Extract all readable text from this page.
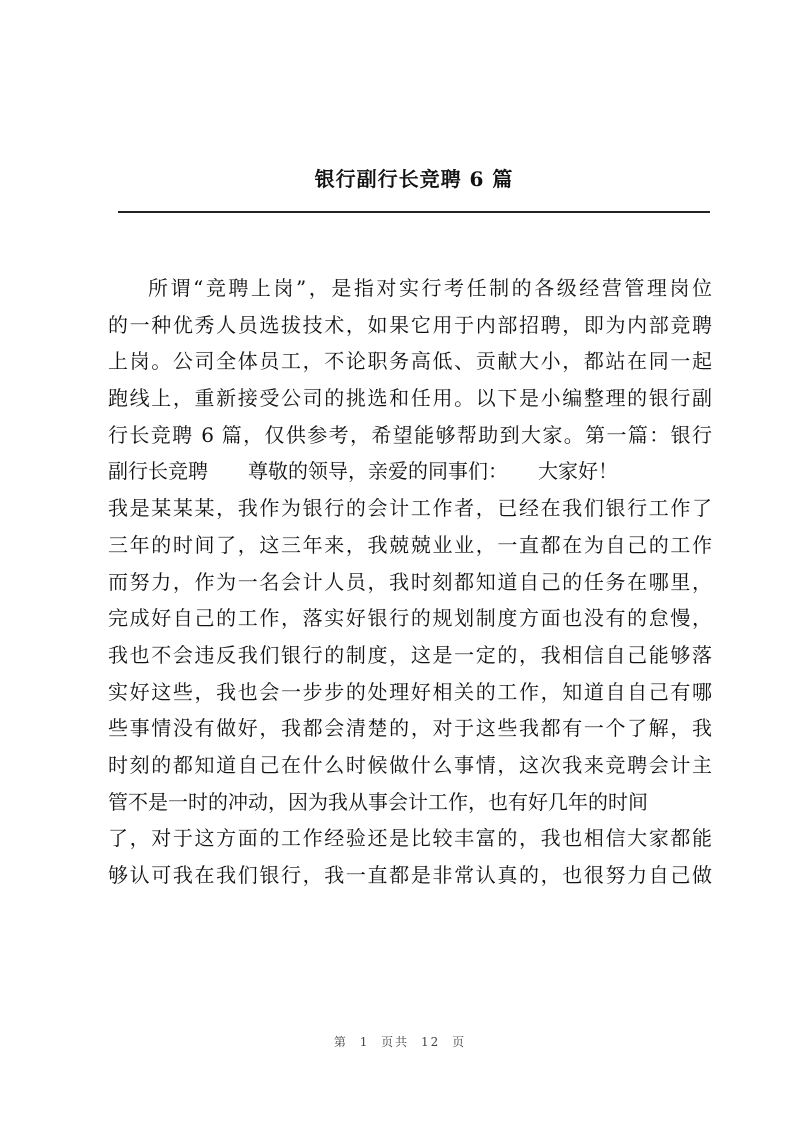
银行副行长竞聘 6 篇
所谓“竞聘上岗”，是指对实行考任制的各级经营管理岗位
的一种优秀人员选拔技术，如果它用于内部招聘，即为内部竞聘
上岗。公司全体员工，不论职务高低、贡献大小，都站在同一起
跑线上，重新接受公司的挑选和任用。以下是小编整理的银行副
行长竞聘 6 篇，仅供参考，希望能够帮助到大家。第一篇：银行
副行长竞聘　　尊敬的领导，亲爱的同事们：　　大家好！
我是某某某，我作为银行的会计工作者，已经在我们银行工作了
三年的时间了，这三年来，我兢兢业业，一直都在为自己的工作
而努力，作为一名会计人员，我时刻都知道自己的任务在哪里，
完成好自己的工作，落实好银行的规划制度方面也没有的怠慢，
我也不会违反我们银行的制度，这是一定的，我相信自己能够落
实好这些，我也会一步步的处理好相关的工作，知道自自己有哪
些事情没有做好，我都会清楚的，对于这些我都有一个了解，我
时刻的都知道自己在什么时候做什么事情，这次我来竞聘会计主
管不是一时的冲动，因为我从事会计工作，也有好几年的时间
了，对于这方面的工作经验还是比较丰富的，我也相信大家都能
够认可我在我们银行，我一直都是非常认真的，也很努力自己做
第 1 页共 12 页
